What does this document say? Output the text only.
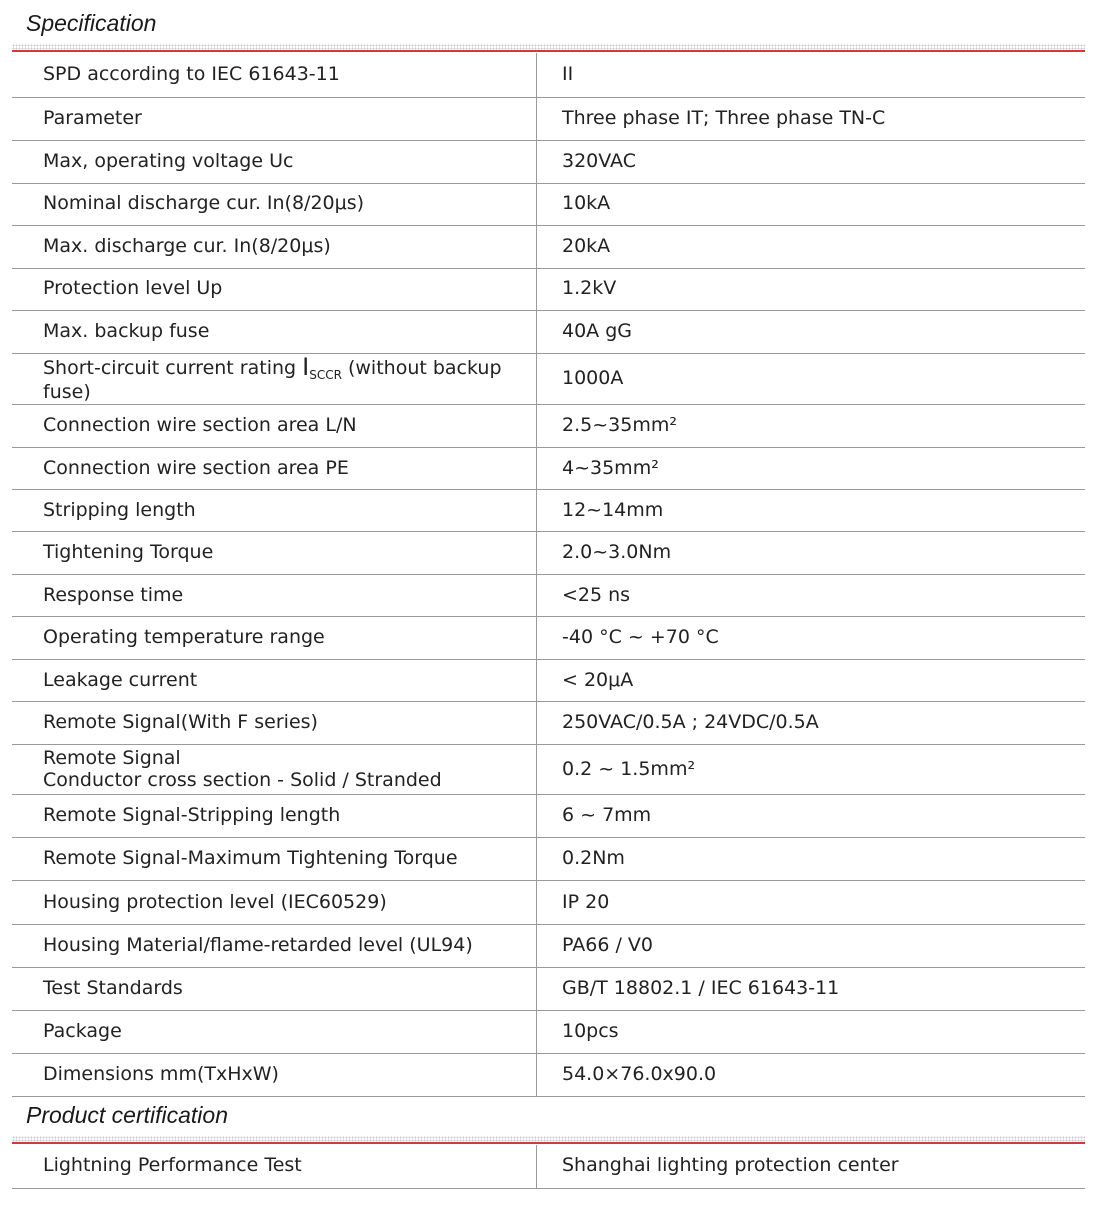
Specification
SPD according to IEC 61643-11	II
Parameter	Three phase IT; Three phase TN-C
Max, operating voltage Uc	320VAC
Nominal discharge cur. In(8/20μs)	10kA
Max. discharge cur. In(8/20μs)	20kA
Protection level Up	1.2kV
Max. backup fuse	40A gG
Short-circuit current rating $I_{SCCR}$ (without backup fuse)	1000A
Connection wire section area L/N	2.5~35mm²
Connection wire section area PE	4~35mm²
Stripping length	12~14mm
Tightening Torque	2.0~3.0Nm
Response time	<25 ns
Operating temperature range	-40 °C ~ +70 °C
Leakage current	< 20μA
Remote Signal(With F series)	250VAC/0.5A ; 24VDC/0.5A

Remote Signal
Conductor cross section - Solid / Stranded	0.2 ~ 1.5mm²
Remote Signal-Stripping length	6 ~ 7mm
Remote Signal-Maximum Tightening Torque	0.2Nm
Housing protection level (IEC60529)	IP 20
Housing Material/flame-retarded level (UL94)	PA66 / V0
Test Standards	GB/T 18802.1 / IEC 61643-11
Package	10pcs
Dimensions mm(TxHxW)	54.0×76.0x90.0
Product certification
Lightning Performance Test	Shanghai lighting protection center
